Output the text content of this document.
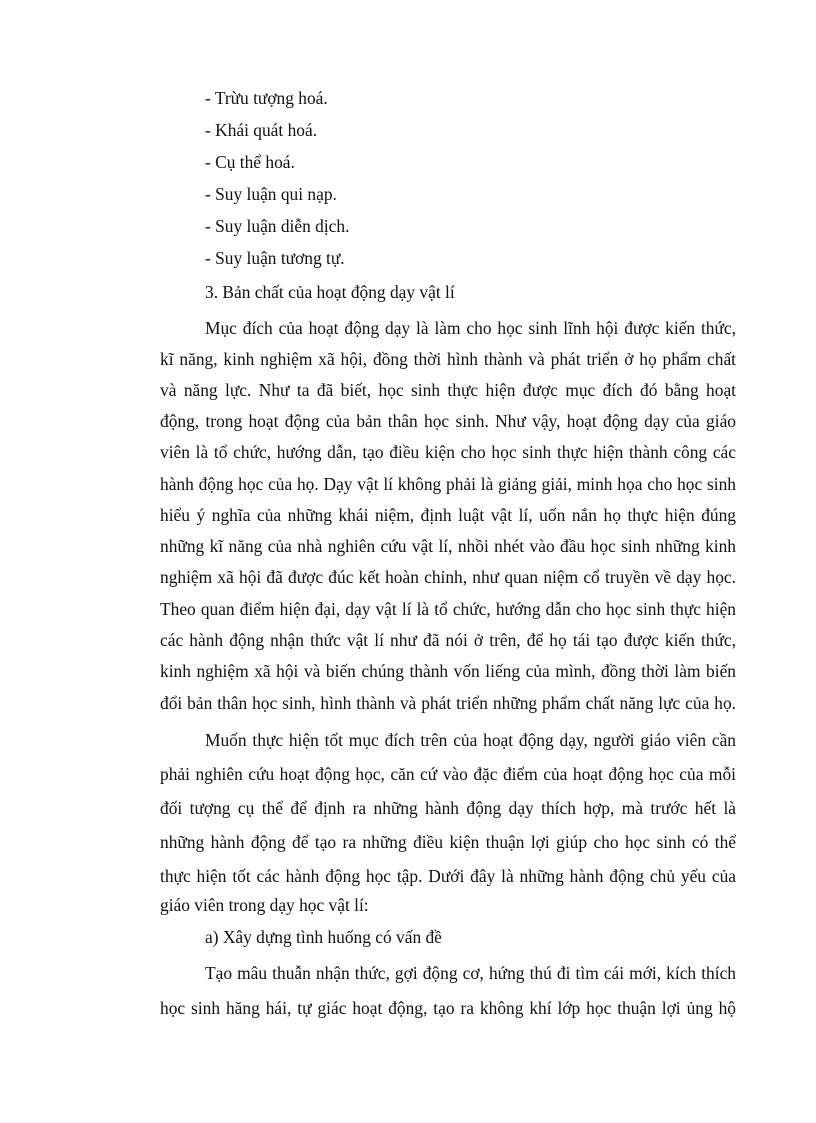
- Trừu tượng hoá.
- Khái quát hoá.
- Cụ thể hoá.
- Suy luận qui nạp.
- Suy luận diễn dịch.
- Suy luận tương tự.
3. Bản chất của hoạt động dạy vật lí
Mục đích của hoạt động dạy là làm cho học sinh lĩnh hội được kiến thức,
kĩ năng, kinh nghiệm xã hội, đồng thời hình thành và phát triển ở họ phẩm chất
và năng lực. Như ta đã biết, học sinh thực hiện được mục đích đó bằng hoạt
động, trong hoạt động của bản thân học sinh. Như vậy, hoạt động dạy của giáo
viên là tổ chức, hướng dẫn, tạo điều kiện cho học sinh thực hiện thành công các
hành động học của họ. Dạy vật lí không phải là giảng giải, minh họa cho học sinh
hiểu ý nghĩa của những khái niệm, định luật vật lí, uốn nắn họ thực hiện đúng
những kĩ năng của nhà nghiên cứu vật lí, nhồi nhét vào đầu học sinh những kinh
nghiệm xã hội đã được đúc kết hoàn chỉnh, như quan niệm cổ truyền về dạy học.
Theo quan điểm hiện đại, dạy vật lí là tổ chức, hướng dẫn cho học sinh thực hiện
các hành động nhận thức vật lí như đã nói ở trên, để họ tái tạo được kiến thức,
kinh nghiệm xã hội và biến chúng thành vốn liếng của mình, đồng thời làm biến
đổi bản thân học sinh, hình thành và phát triển những phẩm chất năng lực của họ.
Muốn thực hiện tốt mục đích trên của hoạt động dạy, người giáo viên cần
phải nghiên cứu hoạt động học, căn cứ vào đặc điểm của hoạt động học của mỗi
đối tượng cụ thể để định ra những hành động dạy thích hợp, mà trước hết là
những hành động để tạo ra những điều kiện thuận lợi giúp cho học sinh có thể
thực hiện tốt các hành động học tập. Dưới đây là những hành động chủ yếu của
giáo viên trong dạy học vật lí:
a) Xây dựng tình huống có vấn đề
Tạo mâu thuẫn nhận thức, gợi động cơ, hứng thú đi tìm cái mới, kích thích
học sinh hăng hái, tự giác hoạt động, tạo ra không khí lớp học thuận lợi ủng hộ
